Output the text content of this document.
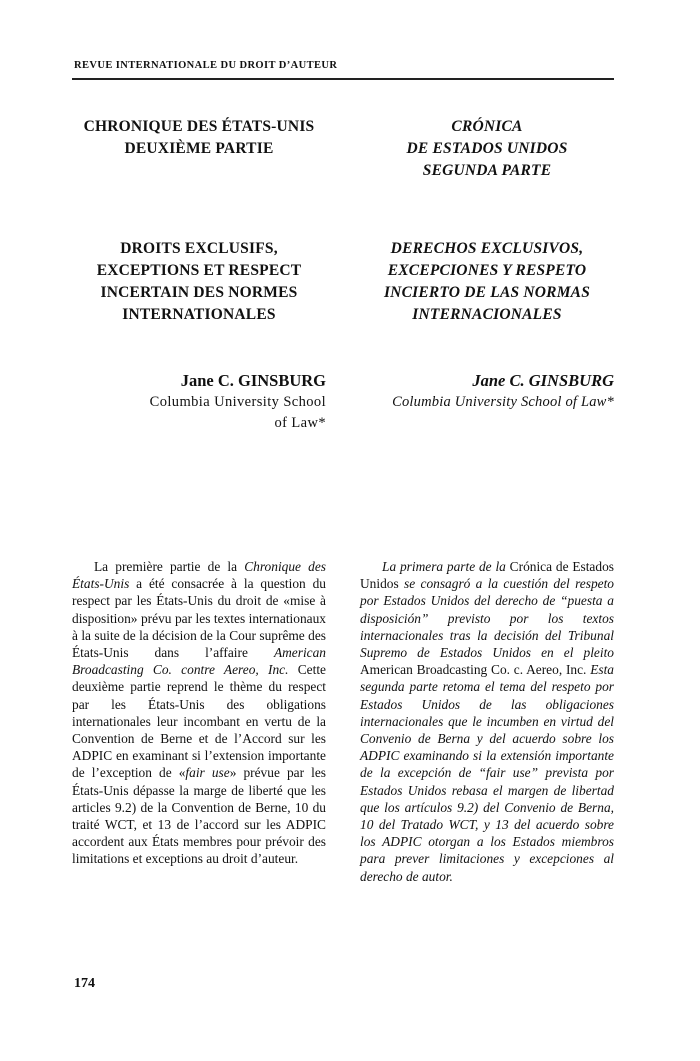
REVUE INTERNATIONALE DU DROIT D’AUTEUR
CHRONIQUE DES ÉTATS-UNIS
DEUXIÈME PARTIE
DROITS EXCLUSIFS,
EXCEPTIONS ET RESPECT
INCERTAIN DES NORMES
INTERNATIONALES
Jane C. GINSBURG
Columbia University School
of Law*

La première partie de la Chronique des États-Unis a été consacrée à la question du respect par les États-Unis du droit de «mise à disposition» prévu par les textes internationaux à la suite de la décision de la Cour suprême des États-Unis dans l’affaire American Broadcasting Co. contre Aereo, Inc. Cette deuxième partie reprend le thème du respect par les États-Unis des obligations internationales leur incombant en vertu de la Convention de Berne et de l’Accord sur les ADPIC en examinant si l’extension importante de l’exception de «fair use» prévue par les États-Unis dépasse la marge de liberté que les articles 9.2) de la Convention de Berne, 10 du traité WCT, et 13 de l’accord sur les ADPIC accordent aux États membres pour prévoir des limitations et exceptions au droit d’auteur.

CRÓNICA
DE ESTADOS UNIDOS
SEGUNDA PARTE
DERECHOS EXCLUSIVOS,
EXCEPCIONES Y RESPETO
INCIERTO DE LAS NORMAS
INTERNACIONALES
Jane C. GINSBURG
Columbia University School of Law*

La primera parte de la Crónica de Estados Unidos se consagró a la cuestión del respeto por Estados Unidos del derecho de “puesta a disposición” previsto por los textos internacionales tras la decisión del Tribunal Supremo de Estados Unidos en el pleito American Broadcasting Co. c. Aereo, Inc. Esta segunda parte retoma el tema del respeto por Estados Unidos de las obligaciones internacionales que le incumben en virtud del Convenio de Berna y del acuerdo sobre los ADPIC examinando si la extensión importante de la excepción de “fair use” prevista por Estados Unidos rebasa el margen de libertad que los artículos 9.2) del Convenio de Berna, 10 del Tratado WCT, y 13 del acuerdo sobre los ADPIC otorgan a los Estados miembros para prever limitaciones y excepciones al derecho de autor.

174
